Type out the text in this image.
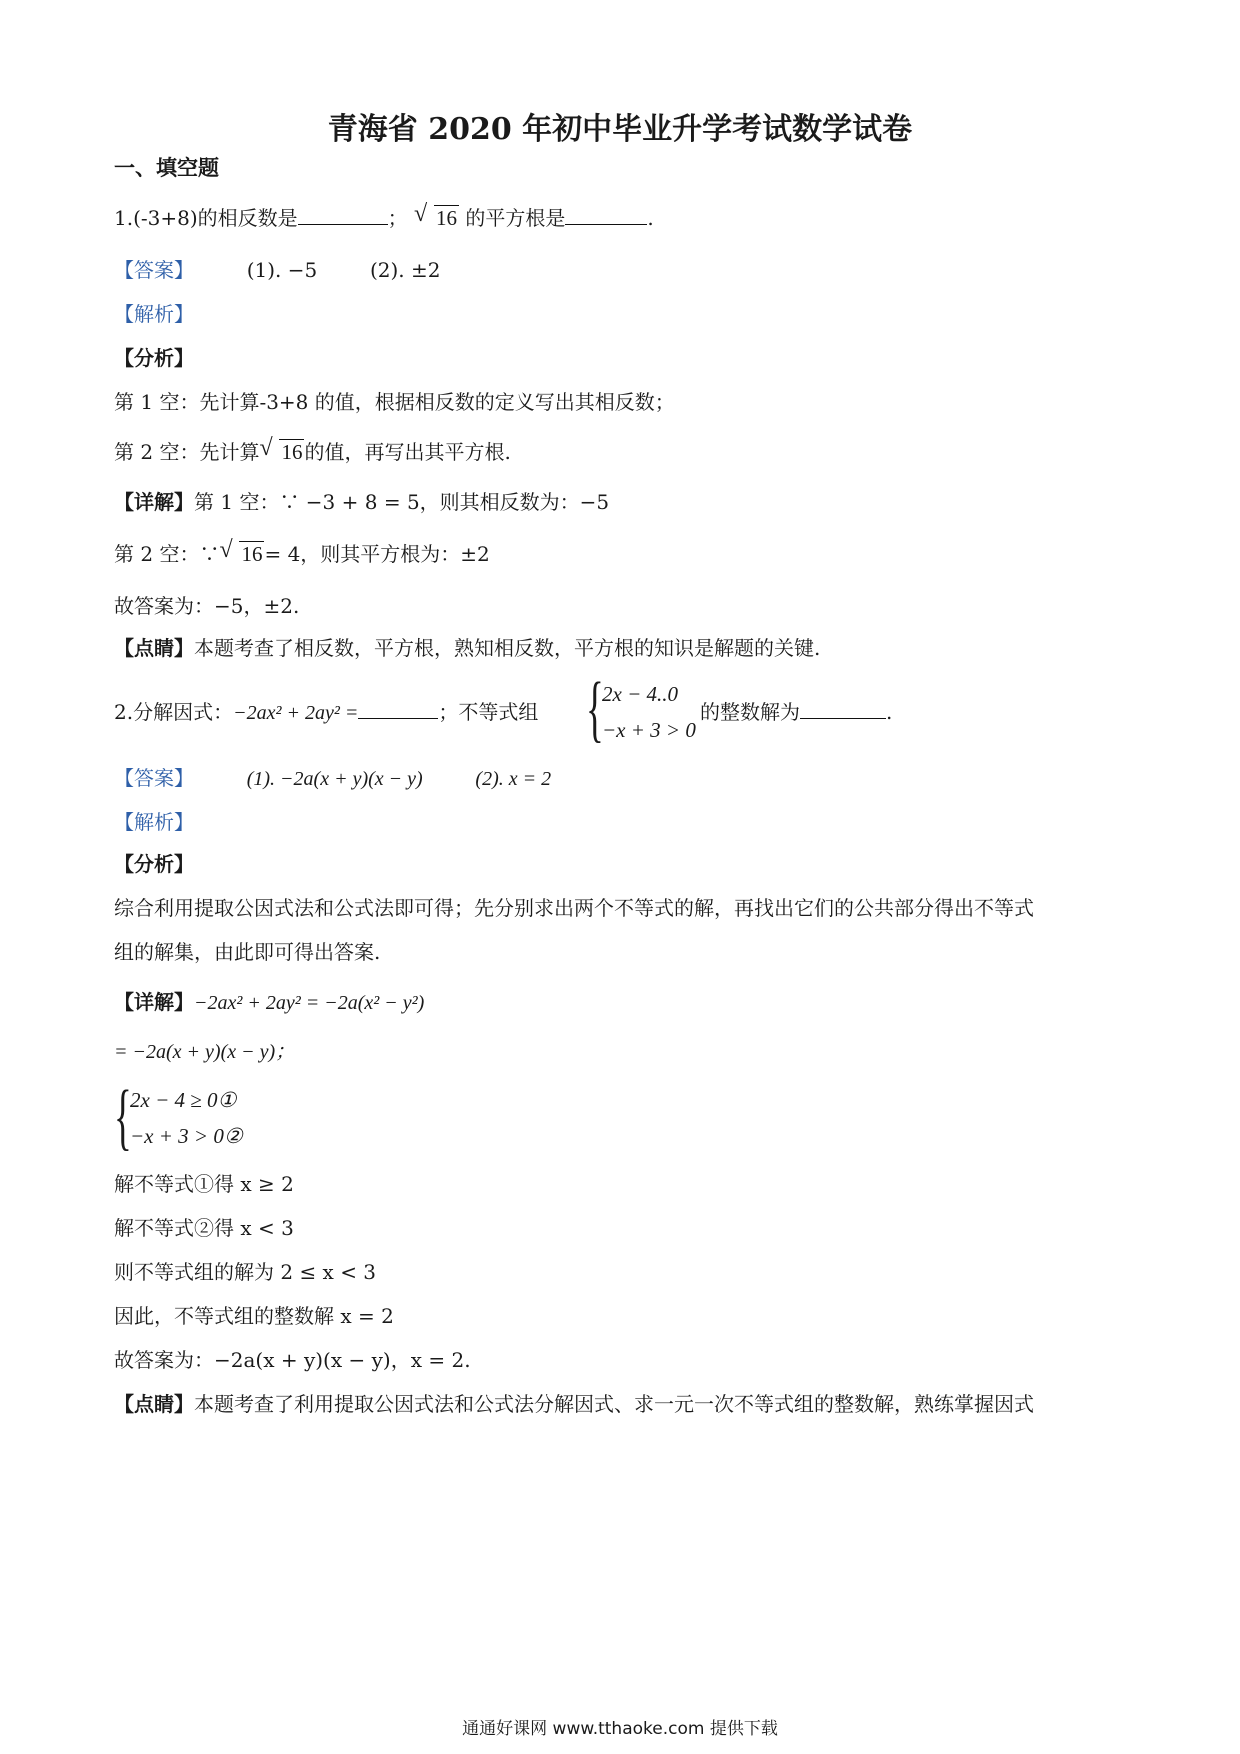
青海省 2020 年初中毕业升学考试数学试卷
一、填空题
1.(-3+8)的相反数是	； √ 16 的平方根是	.
【答案】	(1). −5	(2). ±2
【解析】
【分析】
第 1 空：先计算-3+8 的值，根据相反数的定义写出其相反数；
第 2 空：先计算 √ 16 的值，再写出其平方根.
【详解】第 1 空：∵ −3 + 8 = 5，则其相反数为：−5
第 2 空：∵ √ 16 = 4，则其平方根为：±2
故答案为：−5，±2.
【点睛】本题考查了相反数，平方根，熟知相反数，平方根的知识是解题的关键.
2.分解因式：−2ax² + 2ay² =	；不等式组 {
2x − 4..0
−x + 3 > 0
的整数解为	.
【答案】	(1). −2a(x + y)(x − y)	(2). x = 2
【解析】
【分析】
综合利用提取公因式法和公式法即可得；先分别求出两个不等式的解，再找出它们的公共部分得出不等式
组的解集，由此即可得出答案.
【详解】−2ax² + 2ay² = −2a(x² − y²)
= −2a(x + y)(x − y)；
{
2x − 4 ≥ 0①
−x + 3 > 0②
解不等式①得 x ≥ 2
解不等式②得 x < 3
则不等式组的解为 2 ≤ x < 3
因此，不等式组的整数解 x = 2
故答案为：−2a(x + y)(x − y)，x = 2.
【点睛】本题考查了利用提取公因式法和公式法分解因式、求一元一次不等式组的整数解，熟练掌握因式
通通好课网 www.tthaoke.com 提供下载
